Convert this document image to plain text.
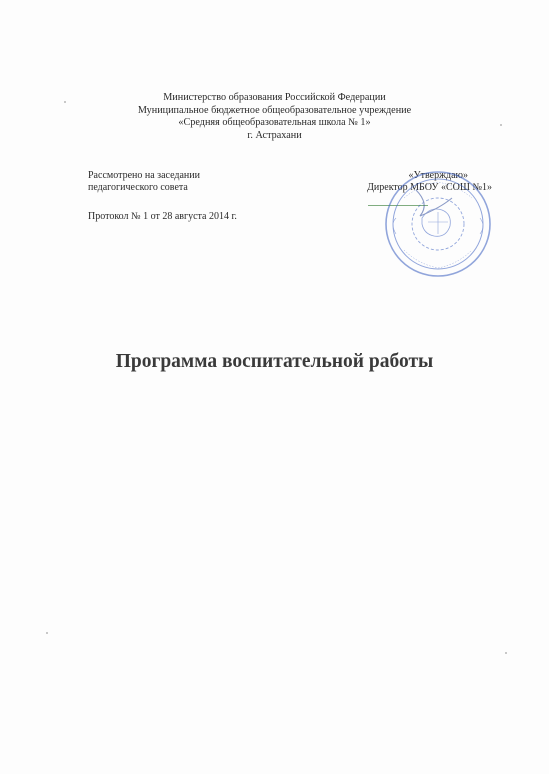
Министерство образования Российской Федерации
Муниципальное бюджетное общеобразовательное учреждение
«Средняя общеобразовательная школа № 1»
г. Астрахани
Рассмотрено на заседании
педагогического совета
Протокол № 1 от 28 августа 2014 г.
«Утверждаю»
Директор МБОУ «СОШ №1»
Программа воспитательной работы
